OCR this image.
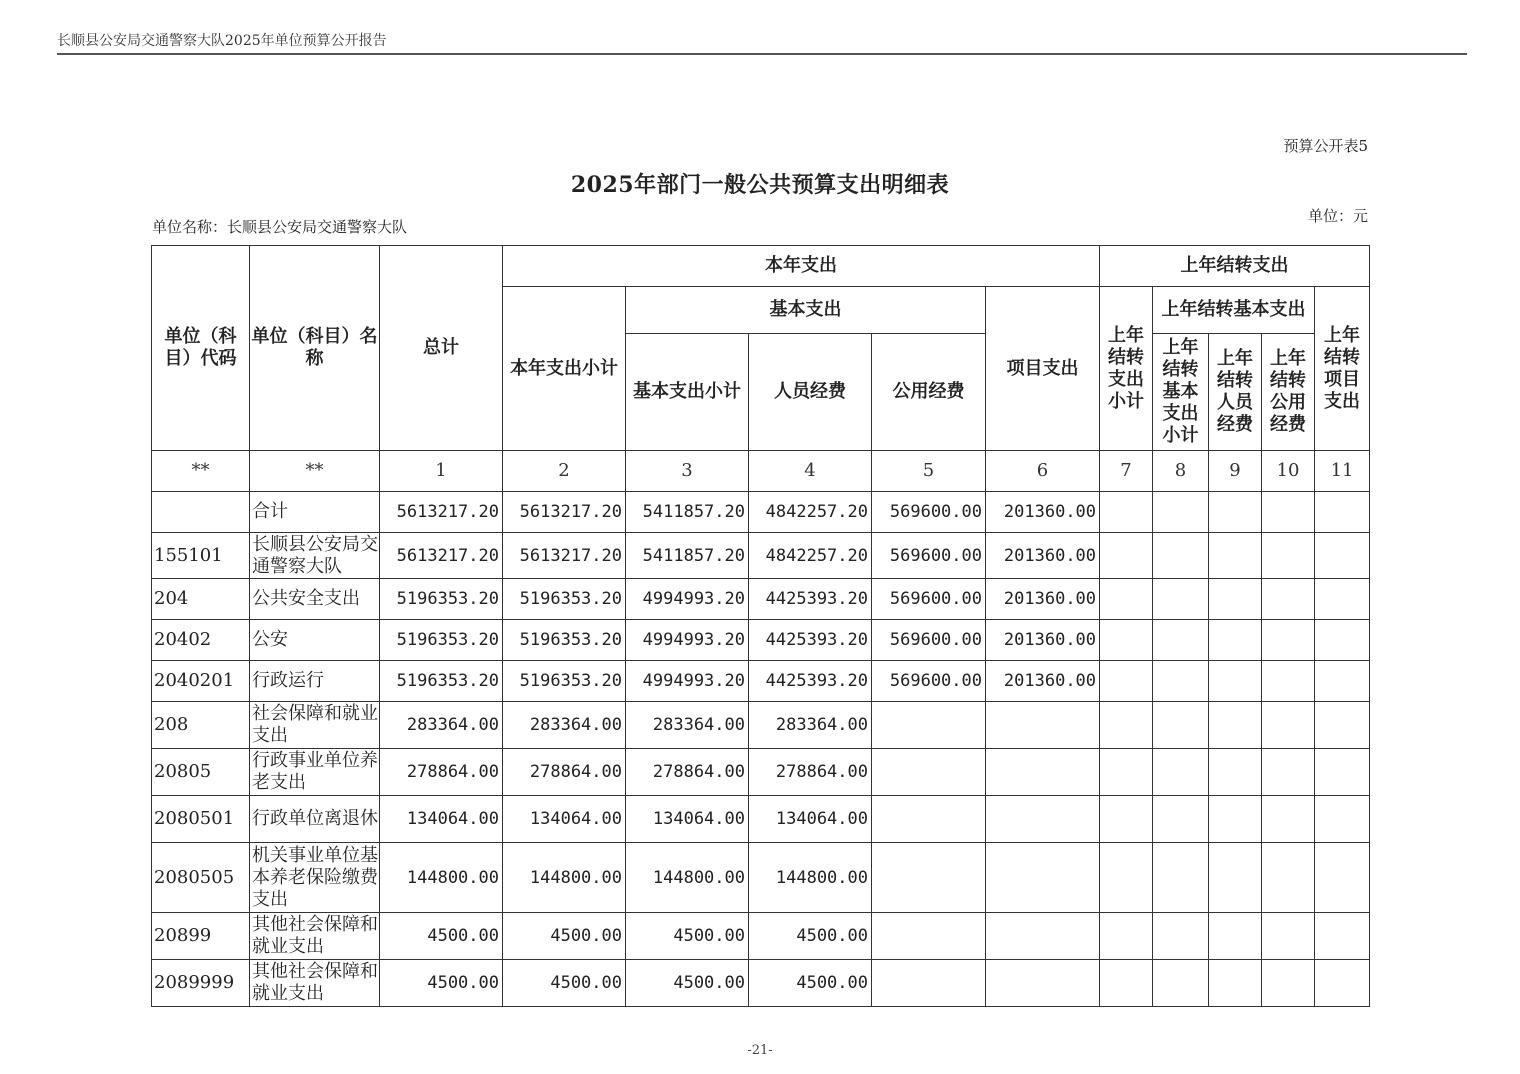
长顺县公安局交通警察大队2025年单位预算公开报告
预算公开表5
2025年部门一般公共预算支出明细表
单位：元
单位名称：长顺县公安局交通警察大队
单位（科目）代码	单位（科目）名称	总计	本年支出					上年结转支出				
			本年支出小计	基本支出			项目支出	上年结转支出小计	上年结转基本支出			上年结转项目支出
				基本支出小计	人员经费	公用经费			上年结转基本支出小计	上年结转人员经费	上年结转公用经费	
**	**	1	2	3	4	5	6	7	8	9	10	11
	合计	5613217.20	5613217.20	5411857.20	4842257.20	569600.00	201360.00					
155101	长顺县公安局交通警察大队	5613217.20	5613217.20	5411857.20	4842257.20	569600.00	201360.00					
204	公共安全支出	5196353.20	5196353.20	4994993.20	4425393.20	569600.00	201360.00					
20402	公安	5196353.20	5196353.20	4994993.20	4425393.20	569600.00	201360.00					
2040201	行政运行	5196353.20	5196353.20	4994993.20	4425393.20	569600.00	201360.00					
208	社会保障和就业支出	283364.00	283364.00	283364.00	283364.00							
20805	行政事业单位养老支出	278864.00	278864.00	278864.00	278864.00							
2080501	行政单位离退休	134064.00	134064.00	134064.00	134064.00							
2080505	机关事业单位基本养老保险缴费支出	144800.00	144800.00	144800.00	144800.00							
20899	其他社会保障和就业支出	4500.00	4500.00	4500.00	4500.00							
2089999	其他社会保障和就业支出	4500.00	4500.00	4500.00	4500.00							
-21-
